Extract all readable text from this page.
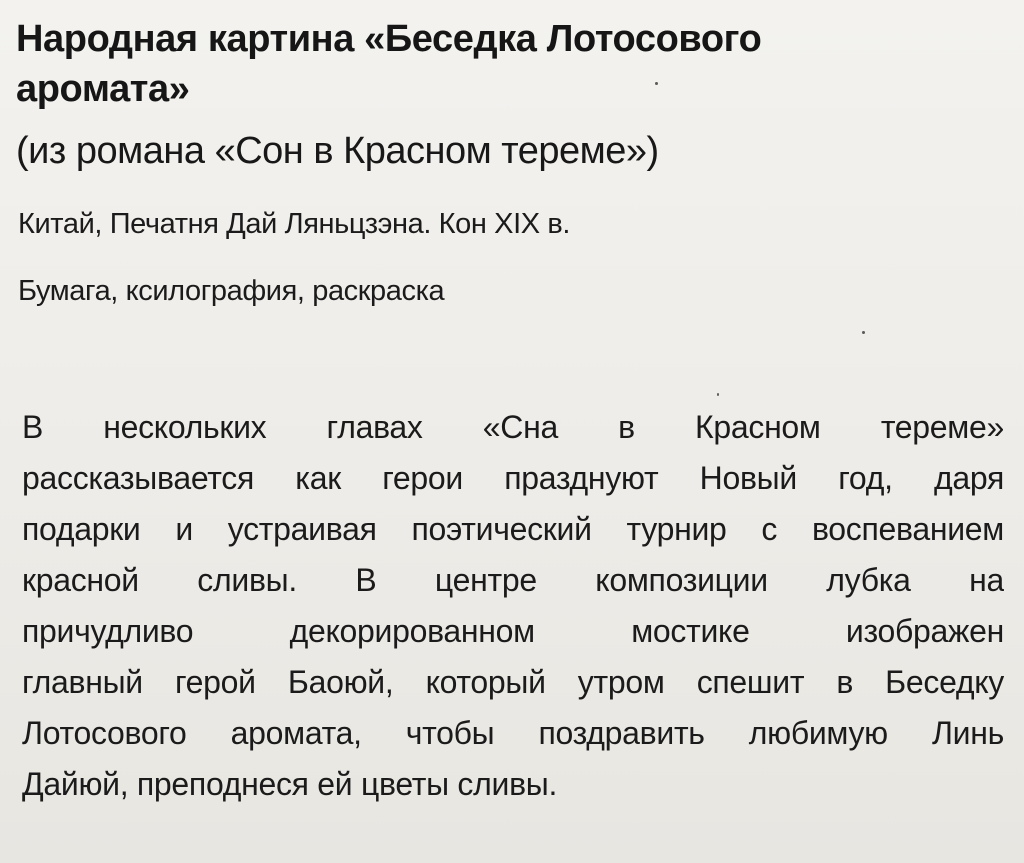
Народная картина «Беседка Лотосового
аромата»

(из романа «Сон в Красном тереме»)

Китай, Печатня Дай Ляньцзэна. Кон XIX в.

Бумага, ксилография, раскраска

В нескольких главах «Сна в Красном тереме»
рассказывается как герои празднуют Новый год, даря
подарки и устраивая поэтический турнир с воспеванием
красной сливы. В центре композиции лубка на
причудливо декорированном мостике изображен
главный герой Баоюй, который утром спешит в Беседку
Лотосового аромата, чтобы поздравить любимую Линь
Дайюй, преподнеся ей цветы сливы.
